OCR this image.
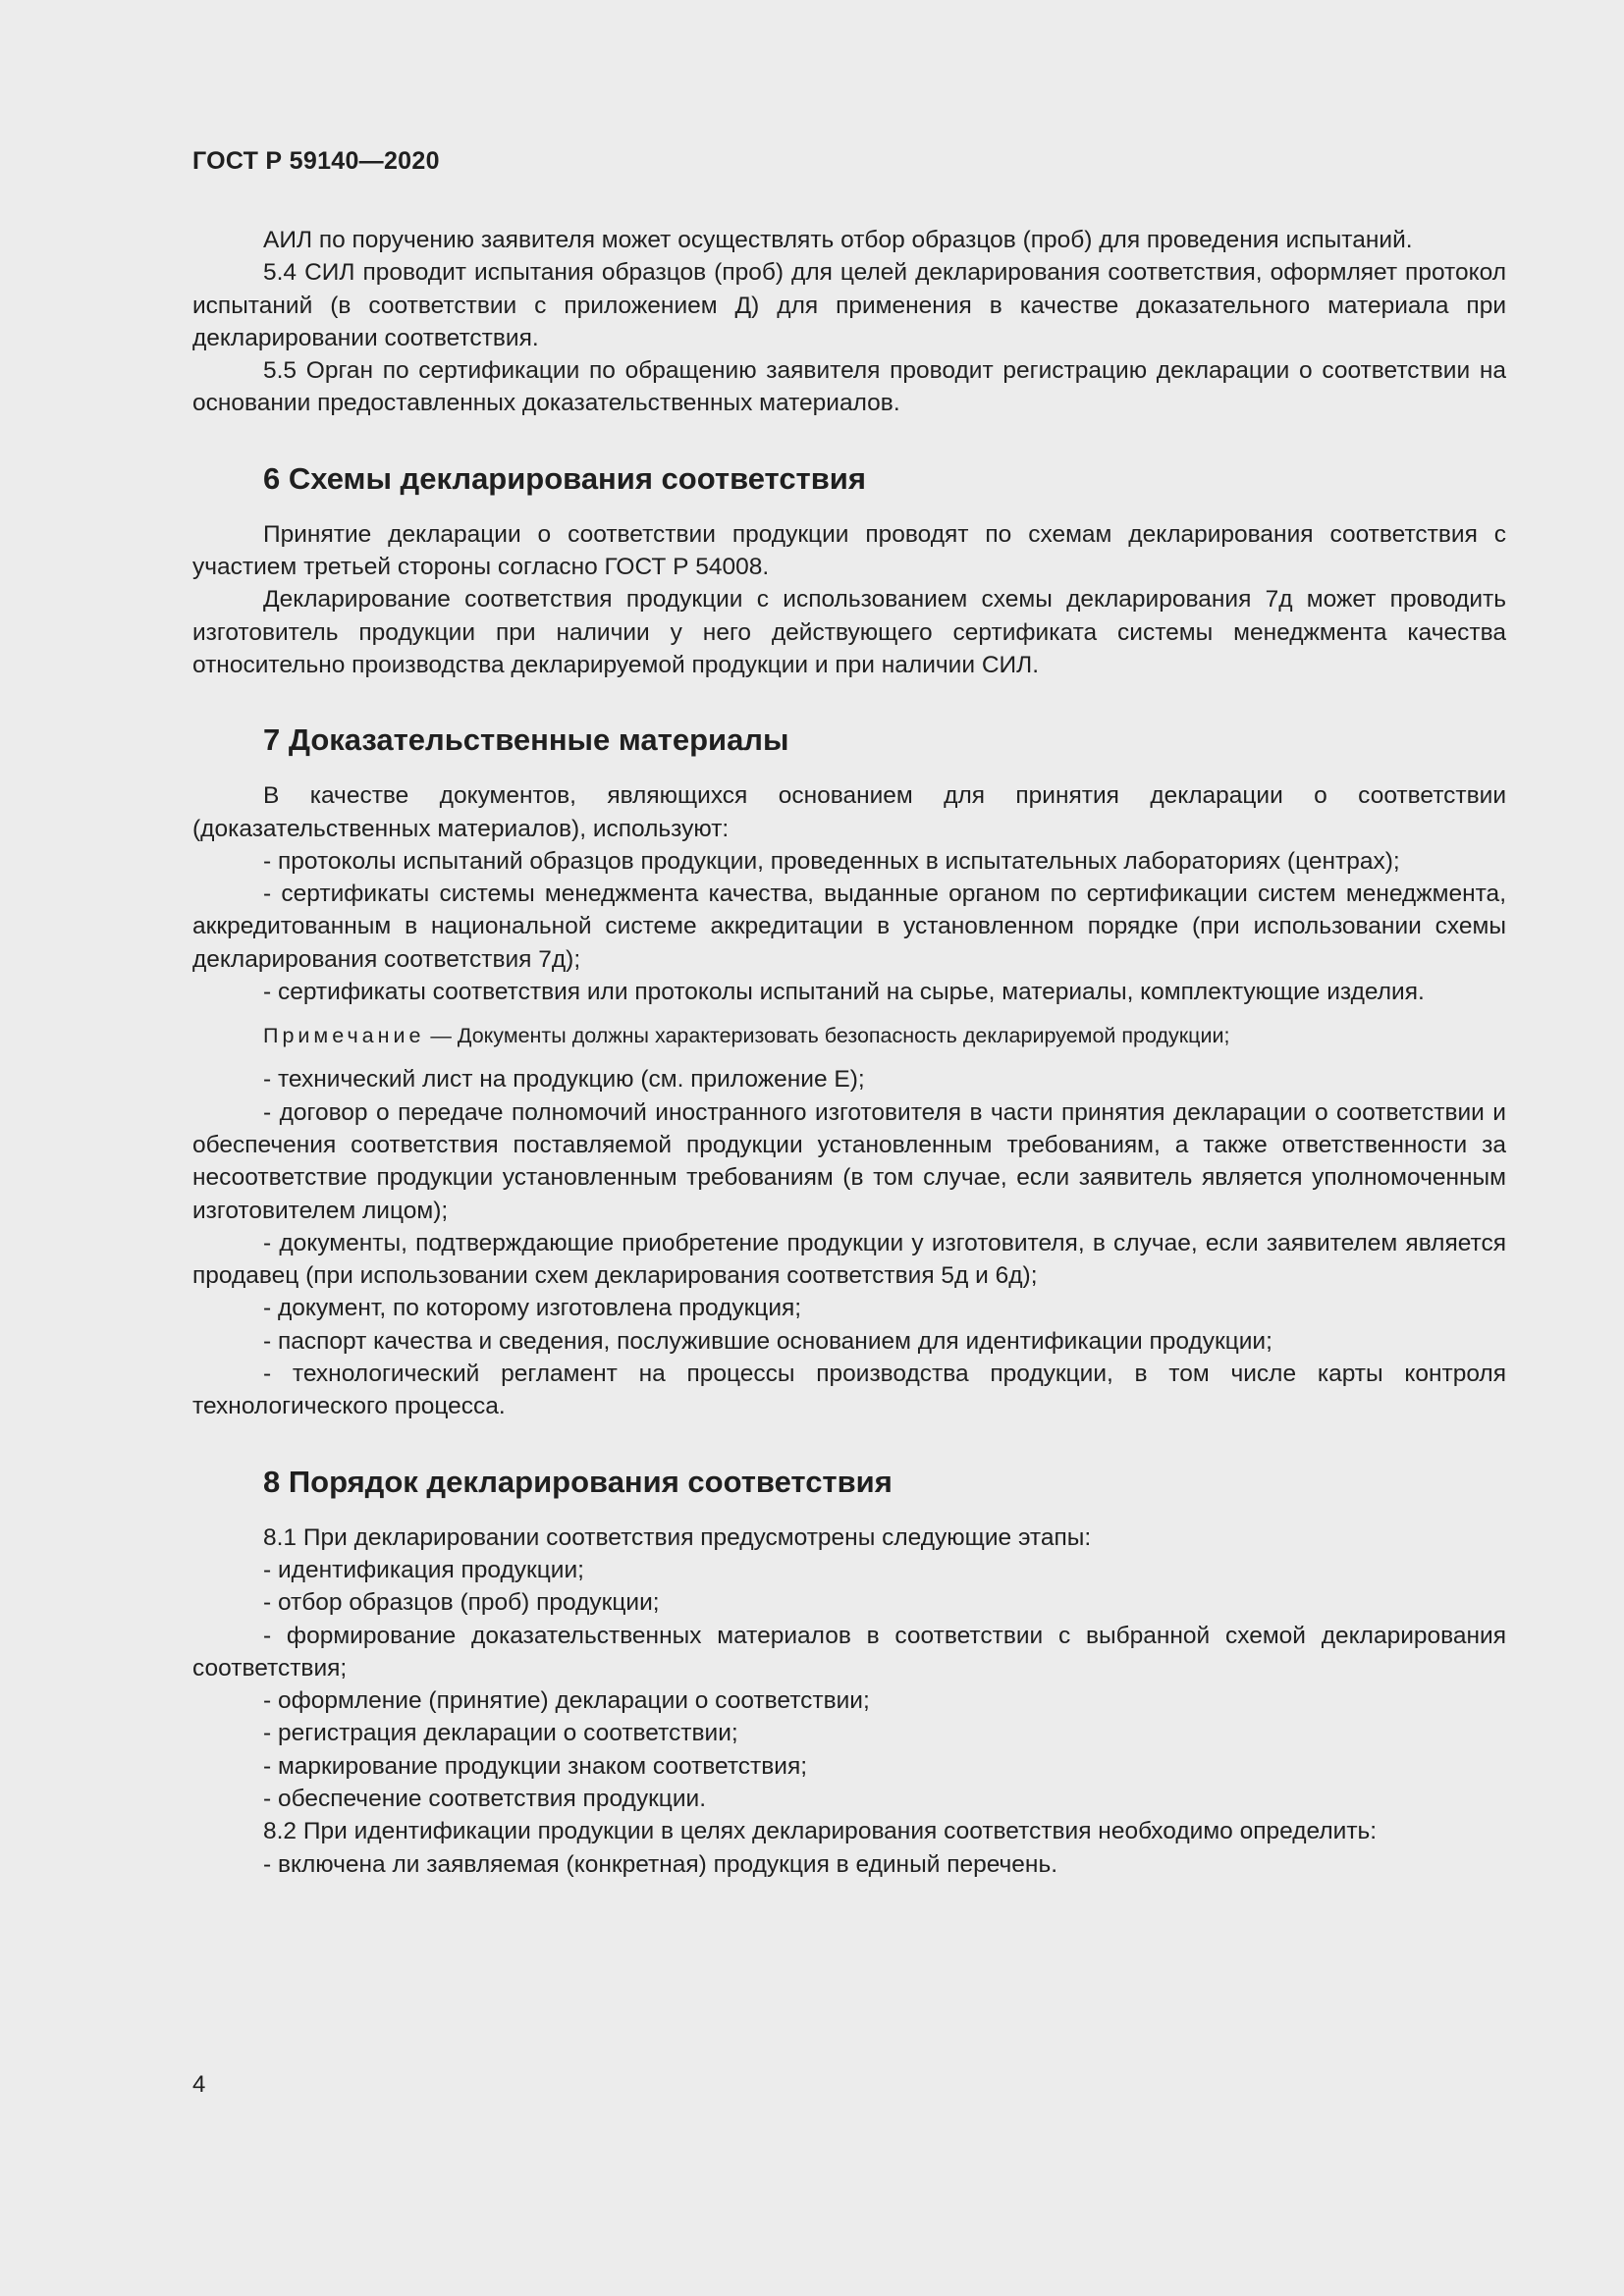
ГОСТ Р 59140—2020

АИЛ по поручению заявителя может осуществлять отбор образцов (проб) для проведения испытаний.

5.4 СИЛ проводит испытания образцов (проб) для целей декларирования соответствия, оформляет протокол испытаний (в соответствии с приложением Д) для применения в качестве доказательного материала при декларировании соответствия.

5.5 Орган по сертификации по обращению заявителя проводит регистрацию декларации о соответствии на основании предоставленных доказательственных материалов.

6 Схемы декларирования соответствия

Принятие декларации о соответствии продукции проводят по схемам декларирования соответствия с участием третьей стороны согласно ГОСТ Р 54008.

Декларирование соответствия продукции с использованием схемы декларирования 7д может проводить изготовитель продукции при наличии у него действующего сертификата системы менеджмента качества относительно производства декларируемой продукции и при наличии СИЛ.

7 Доказательственные материалы

В качестве документов, являющихся основанием для принятия декларации о соответствии (доказательственных материалов), используют:

- протоколы испытаний образцов продукции, проведенных в испытательных лабораториях (центрах);

- сертификаты системы менеджмента качества, выданные органом по сертификации систем менеджмента, аккредитованным в национальной системе аккредитации в установленном порядке (при использовании схемы декларирования соответствия 7д);

- сертификаты соответствия или протоколы испытаний на сырье, материалы, комплектующие изделия.

Примечание — Документы должны характеризовать безопасность декларируемой продукции;

- технический лист на продукцию (см. приложение Е);

- договор о передаче полномочий иностранного изготовителя в части принятия декларации о соответствии и обеспечения соответствия поставляемой продукции установленным требованиям, а также ответственности за несоответствие продукции установленным требованиям (в том случае, если заявитель является уполномоченным изготовителем лицом);

- документы, подтверждающие приобретение продукции у изготовителя, в случае, если заявителем является продавец (при использовании схем декларирования соответствия 5д и 6д);

- документ, по которому изготовлена продукция;

- паспорт качества и сведения, послужившие основанием для идентификации продукции;

- технологический регламент на процессы производства продукции, в том числе карты контроля технологического процесса.

8 Порядок декларирования соответствия

8.1 При декларировании соответствия предусмотрены следующие этапы:

- идентификация продукции;

- отбор образцов (проб) продукции;

- формирование доказательственных материалов в соответствии с выбранной схемой декларирования соответствия;

- оформление (принятие) декларации о соответствии;

- регистрация декларации о соответствии;

- маркирование продукции знаком соответствия;

- обеспечение соответствия продукции.

8.2 При идентификации продукции в целях декларирования соответствия необходимо определить:

- включена ли заявляемая (конкретная) продукция в единый перечень.

4
